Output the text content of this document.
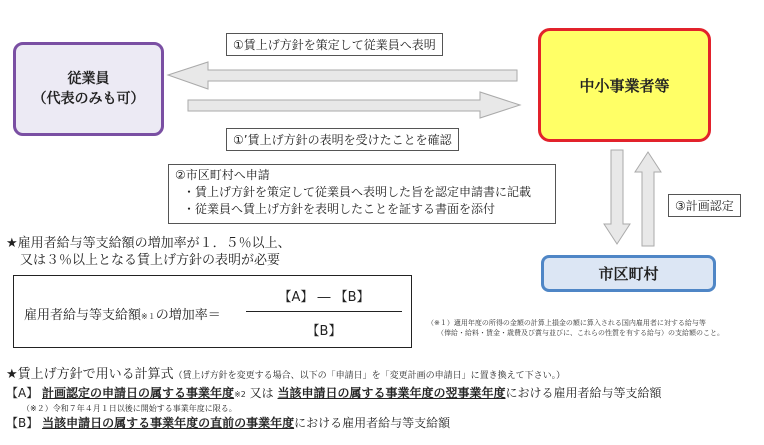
従業員
（代表のみも可）
中小事業者等
市区町村
①賃上げ方針を策定して従業員へ表明
①’賃上げ方針の表明を受けたことを確認
③計画認定
②市区町村へ申請
・賃上げ方針を策定して従業員へ表明した旨を認定申請書に記載
・従業員へ賃上げ方針を表明したことを証する書面を添付
★雇用者給与等支給額の増加率が１．５％以上、
又は３％以上となる賃上げ方針の表明が必要
雇用者給与等支給額※１の増加率＝
【A】 ― 【B】
【B】
（※１）適用年度の所得の金額の計算上損金の額に算入される国内雇用者に対する給与等
（俸給・給料・賃金・歳費及び賞与並びに、これらの性質を有する給与）の支給額のこと。
★賃上げ方針で用いる計算式（賃上げ方針を変更する場合、以下の「申請日」を「変更計画の申請日」に置き換えて下さい。）
【A】 計画認定の申請日の属する事業年度※2 又は 当該申請日の属する事業年度の翌事業年度における雇用者給与等支給額
（※２）令和７年４月１日以後に開始する事業年度に限る。
【B】 当該申請日の属する事業年度の直前の事業年度における雇用者給与等支給額
